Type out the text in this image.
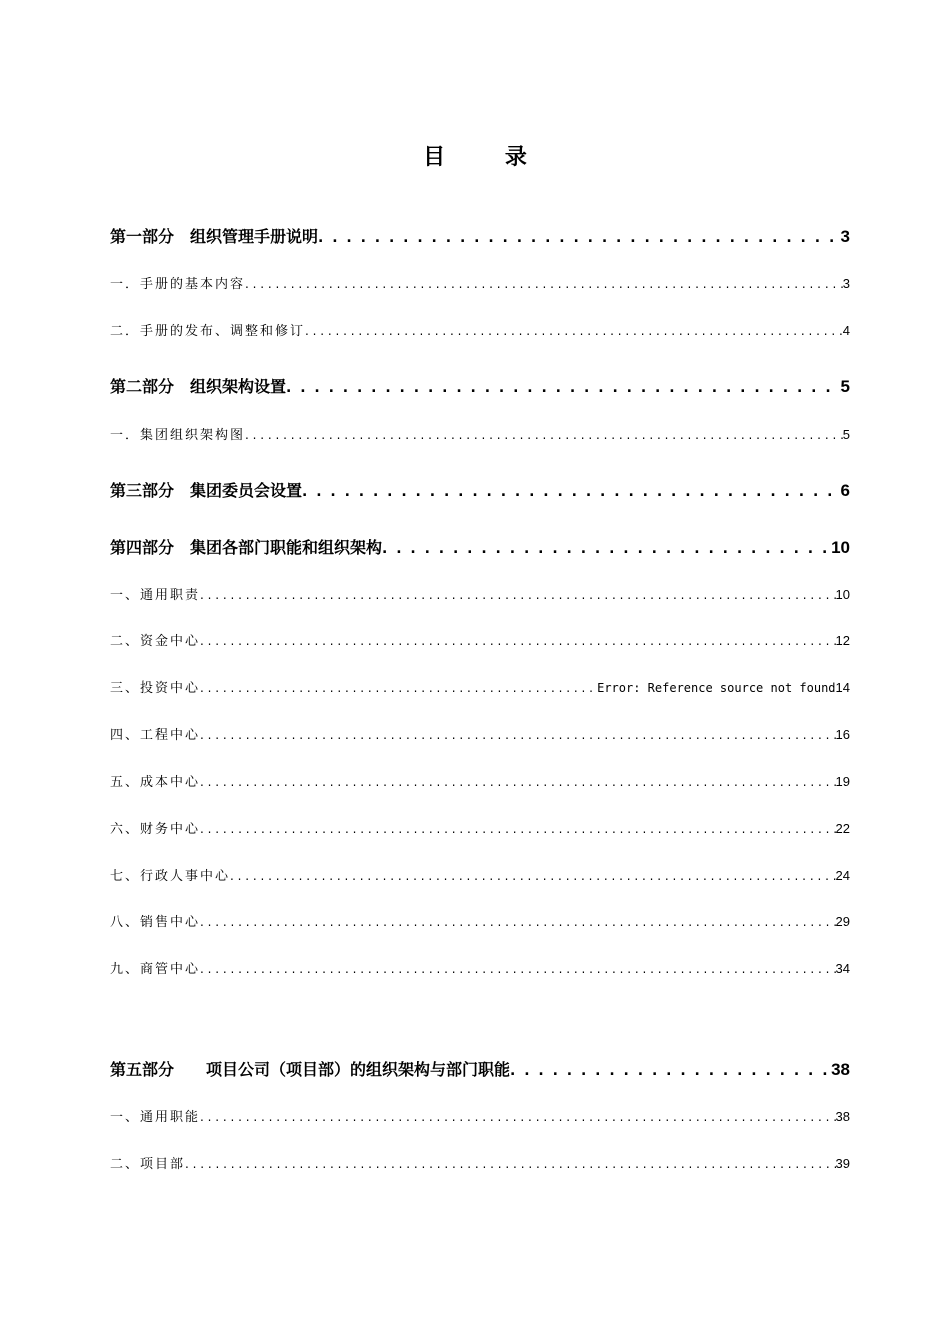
目 录
第一部分　组织管理手册说明 . . .	3
一．手册的基本内容 . . .	3
二．手册的发布、调整和修订 . . .	4
第二部分　组织架构设置 . . .	5
一．集团组织架构图 . . .	5
第三部分　集团委员会设置 . . .	6
第四部分　集团各部门职能和组织架构 . . .	10
一、通用职责 . . .	10
二、资金中心 . . .	12
三、投资中心 . . .	Error: Reference source not found 14
四、工程中心 . . .	16
五、成本中心 . . .	19
六、财务中心 . . .	22
七、行政人事中心 . . .	24
八、销售中心 . . .	29
九、商管中心 . . .	34
第五部分　　项目公司（项目部）的组织架构与部门职能 . . .	38
一、通用职能 . . .	38
二、项目部 . . .	39
